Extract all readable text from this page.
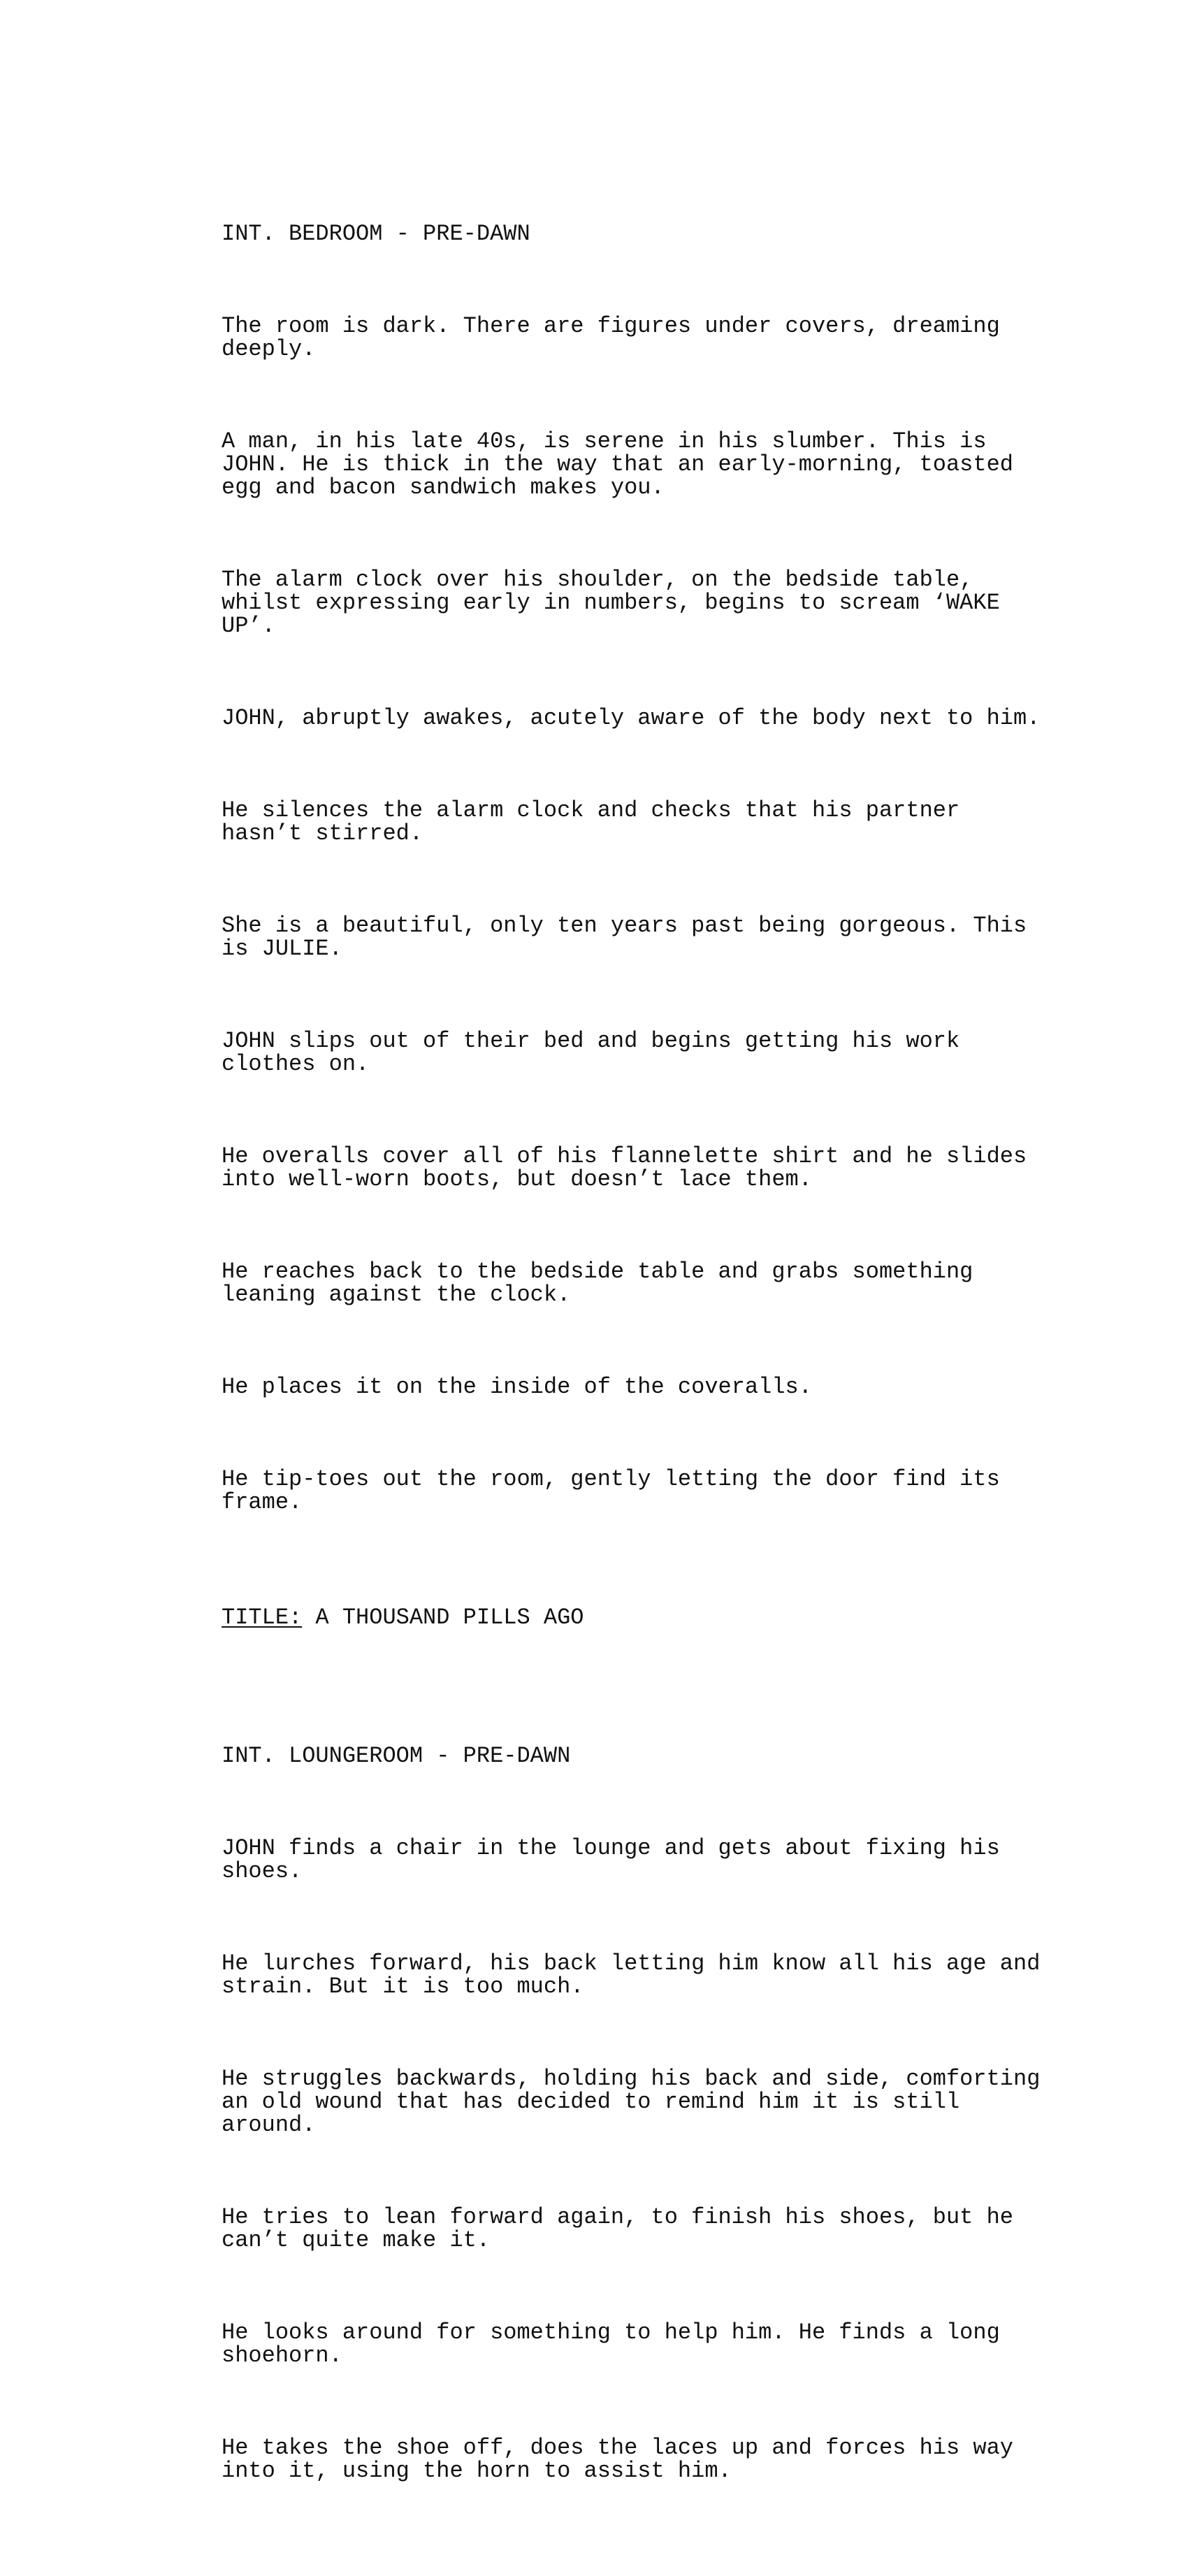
INT. BEDROOM - PRE-DAWN

The room is dark. There are figures under covers, dreaming
deeply.

A man, in his late 40s, is serene in his slumber. This is
JOHN. He is thick in the way that an early-morning, toasted
egg and bacon sandwich makes you.

The alarm clock over his shoulder, on the bedside table,
whilst expressing early in numbers, begins to scream ‘WAKE
UP’.

JOHN, abruptly awakes, acutely aware of the body next to him.

He silences the alarm clock and checks that his partner
hasn’t stirred.

She is a beautiful, only ten years past being gorgeous. This
is JULIE.

JOHN slips out of their bed and begins getting his work
clothes on.

He overalls cover all of his flannelette shirt and he slides
into well-worn boots, but doesn’t lace them.

He reaches back to the bedside table and grabs something
leaning against the clock.

He places it on the inside of the coveralls.

He tip-toes out the room, gently letting the door find its
frame.

TITLE: A THOUSAND PILLS AGO

INT. LOUNGEROOM - PRE-DAWN

JOHN finds a chair in the lounge and gets about fixing his
shoes.

He lurches forward, his back letting him know all his age and
strain. But it is too much.

He struggles backwards, holding his back and side, comforting
an old wound that has decided to remind him it is still
around.

He tries to lean forward again, to finish his shoes, but he
can’t quite make it.

He looks around for something to help him. He finds a long
shoehorn.

He takes the shoe off, does the laces up and forces his way
into it, using the horn to assist him.
